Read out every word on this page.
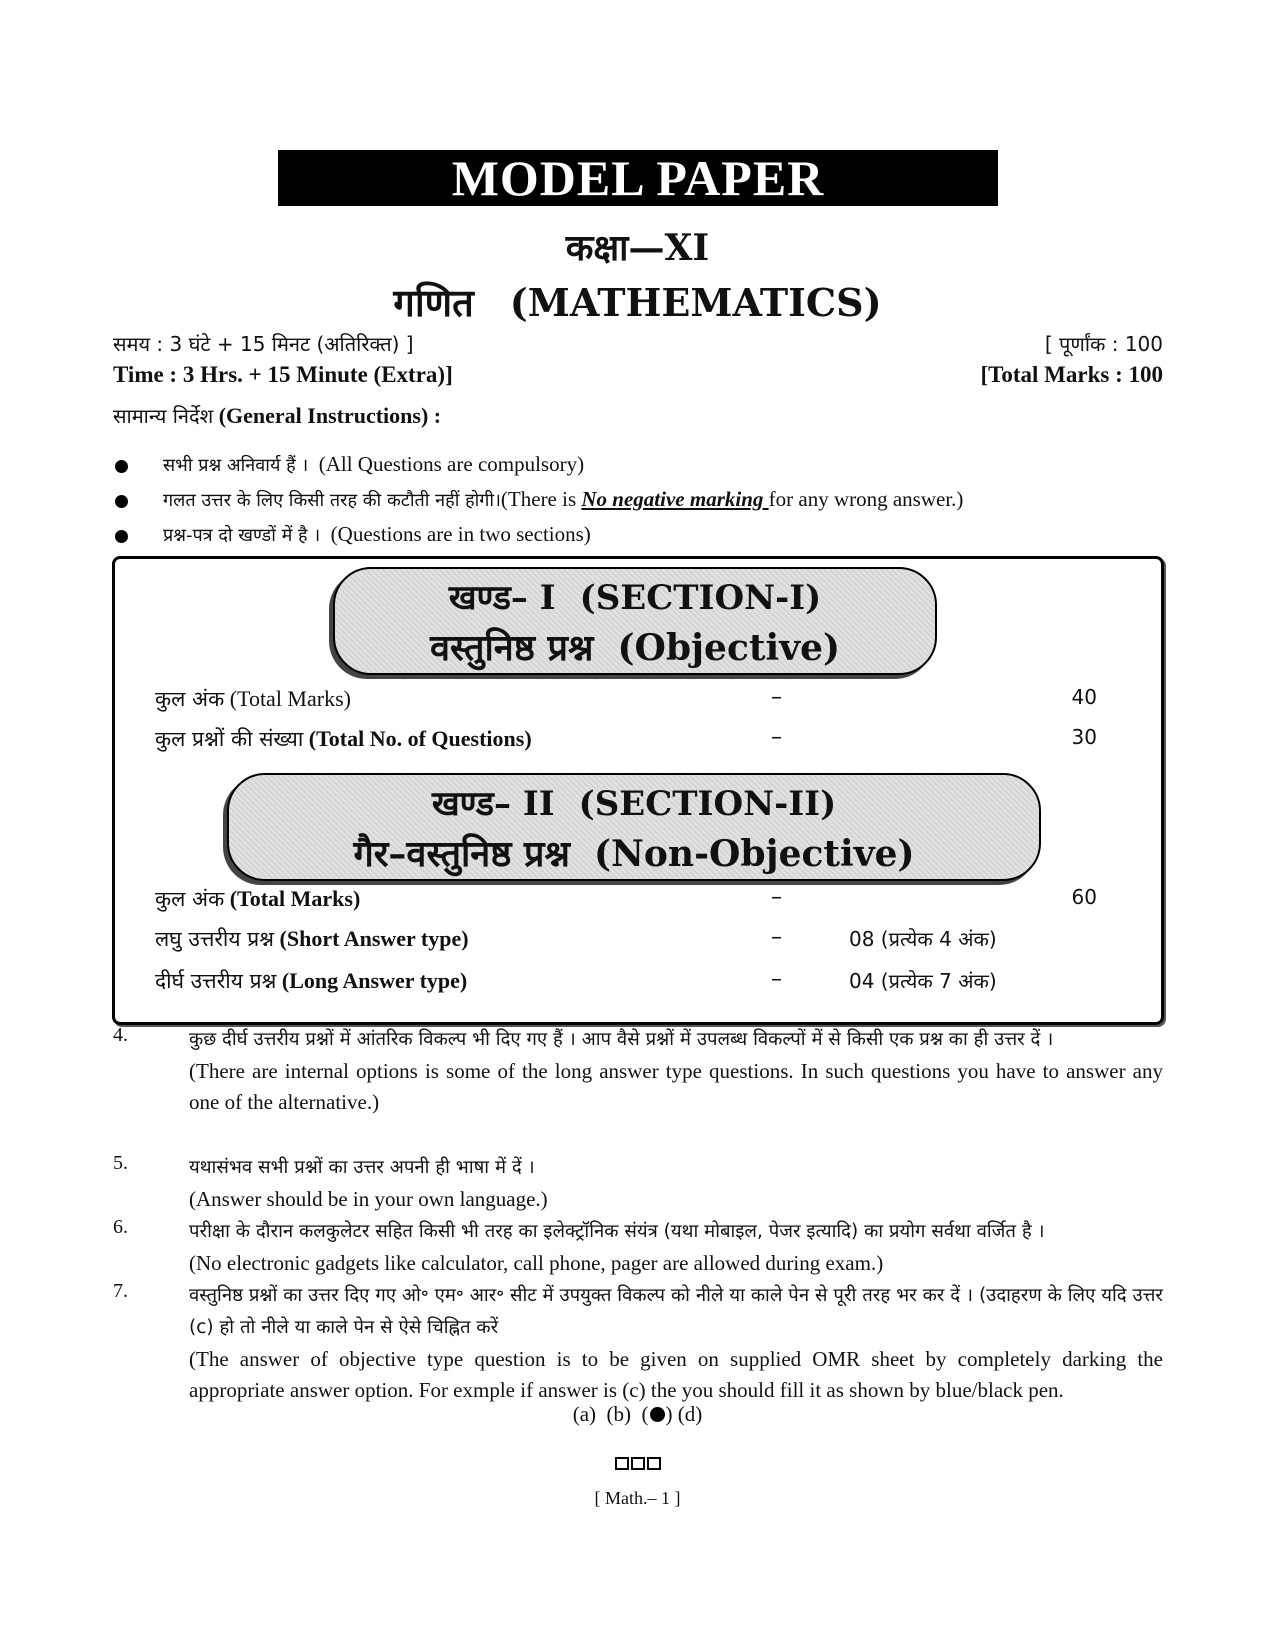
MODEL PAPER
कक्षा—XI
गणित (MATHEMATICS)
समय : 3 घंटे + 15 मिनट (अतिरिक्त) ]	[ पूर्णांक : 100
Time : 3 Hrs. + 15 Minute (Extra)]	[Total Marks : 100
सामान्य निर्देश (General Instructions) :
सभी प्रश्न अनिवार्य हैं । (All Questions are compulsory)
गलत उत्तर के लिए किसी तरह की कटौती नहीं होगी।(There is No negative marking for any wrong answer.)
प्रश्न-पत्र दो खण्डों में है । (Questions are in two sections)
खण्ड– I (SECTION-I)
वस्तुनिष्ठ प्रश्न (Objective)
कुल अंक (Total Marks)	–	40
कुल प्रश्नों की संख्या (Total No. of Questions)	–	30
खण्ड– II (SECTION-II)
गैर–वस्तुनिष्ठ प्रश्न (Non-Objective)
कुल अंक (Total Marks)	–	60
लघु उत्तरीय प्रश्न (Short Answer type)	–	08 (प्रत्येक 4 अंक)
दीर्घ उत्तरीय प्रश्न (Long Answer type)	–	04 (प्रत्येक 7 अंक)
4.	कुछ दीर्घ उत्तरीय प्रश्नों में आंतरिक विकल्प भी दिए गए हैं । आप वैसे प्रश्नों में उपलब्ध विकल्पों में से किसी एक प्रश्न का ही उत्तर दें ।
(There are internal options is some of the long answer type questions. In such questions you have to answer any one of the alternative.)
5.	यथासंभव सभी प्रश्नों का उत्तर अपनी ही भाषा में दें ।
(Answer should be in your own language.)
6.	परीक्षा के दौरान कलकुलेटर सहित किसी भी तरह का इलेक्ट्रॉनिक संयंत्र (यथा मोबाइल, पेजर इत्यादि) का प्रयोग सर्वथा वर्जित है ।
(No electronic gadgets like calculator, call phone, pager are allowed during exam.)
7.	वस्तुनिष्ठ प्रश्नों का उत्तर दिए गए ओ॰ एम॰ आर॰ सीट में उपयुक्त विकल्प को नीले या काले पेन से पूरी तरह भर कर दें । (उदाहरण के लिए यदि उत्तर (c) हो तो नीले या काले पेन से ऐसे चिह्नित करें
(The answer of objective type question is to be given on supplied OMR sheet by completely darking the appropriate answer option. For exmple if answer is (c) the you should fill it as shown by blue/black pen.
(a) (b) ( ) (d)
[ Math.– 1 ]
